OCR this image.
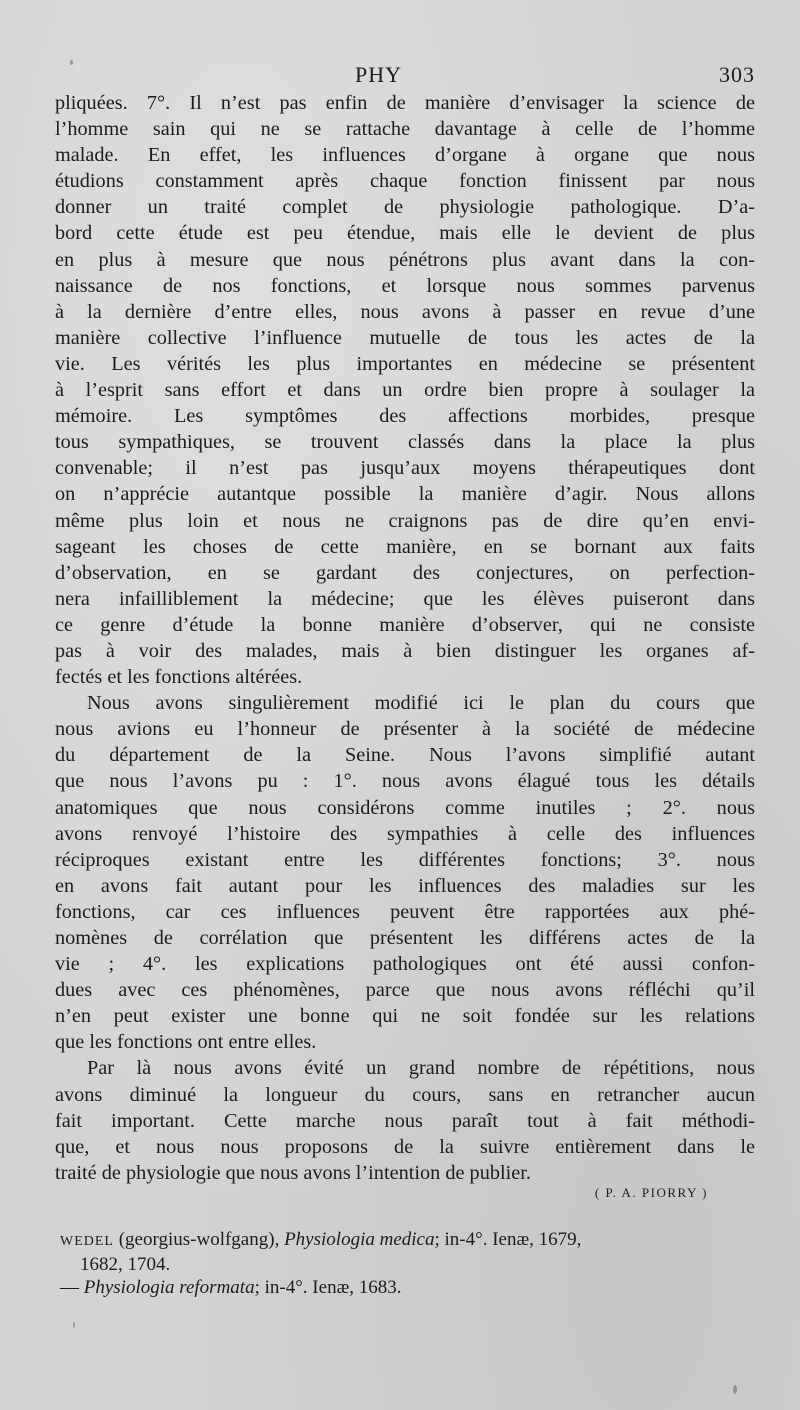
PHY	303

pliquées. 7°. Il n’est pas enfin de manière d’envisager la science de
l’homme sain qui ne se rattache davantage à celle de l’homme
malade. En effet, les influences d’organe à organe que nous
étudions constamment après chaque fonction finissent par nous
donner un traité complet de physiologie pathologique. D’a-
bord cette étude est peu étendue, mais elle le devient de plus
en plus à mesure que nous pénétrons plus avant dans la con-
naissance de nos fonctions, et lorsque nous sommes parvenus
à la dernière d’entre elles, nous avons à passer en revue d’une
manière collective l’influence mutuelle de tous les actes de la
vie. Les vérités les plus importantes en médecine se présentent
à l’esprit sans effort et dans un ordre bien propre à soulager la
mémoire. Les symptômes des affections morbides, presque
tous sympathiques, se trouvent classés dans la place la plus
convenable; il n’est pas jusqu’aux moyens thérapeutiques dont
on n’apprécie autantque possible la manière d’agir. Nous allons
même plus loin et nous ne craignons pas de dire qu’en envi-
sageant les choses de cette manière, en se bornant aux faits
d’observation, en se gardant des conjectures, on perfection-
nera infailliblement la médecine; que les élèves puiseront dans
ce genre d’étude la bonne manière d’observer, qui ne consiste
pas à voir des malades, mais à bien distinguer les organes af-
fectés et les fonctions altérées.

Nous avons singulièrement modifié ici le plan du cours que
nous avions eu l’honneur de présenter à la société de médecine
du département de la Seine. Nous l’avons simplifié autant
que nous l’avons pu : 1°. nous avons élagué tous les détails
anatomiques que nous considérons comme inutiles ; 2°. nous
avons renvoyé l’histoire des sympathies à celle des influences
réciproques existant entre les différentes fonctions; 3°. nous
en avons fait autant pour les influences des maladies sur les
fonctions, car ces influences peuvent être rapportées aux phé-
nomènes de corrélation que présentent les différens actes de la
vie ; 4°. les explications pathologiques ont été aussi confon-
dues avec ces phénomènes, parce que nous avons réfléchi qu’il
n’en peut exister une bonne qui ne soit fondée sur les relations
que les fonctions ont entre elles.

Par là nous avons évité un grand nombre de répétitions, nous
avons diminué la longueur du cours, sans en retrancher aucun
fait important. Cette marche nous paraît tout à fait méthodi-
que, et nous nous proposons de la suivre entièrement dans le
traité de physiologie que nous avons l’intention de publier.

( P. A. PIORRY )
WEDEL (georgius-wolfgang), Physiologia medica; in-4°. Ienæ, 1679,
1682, 1704.
— Physiologia reformata; in-4°. Ienæ, 1683.
